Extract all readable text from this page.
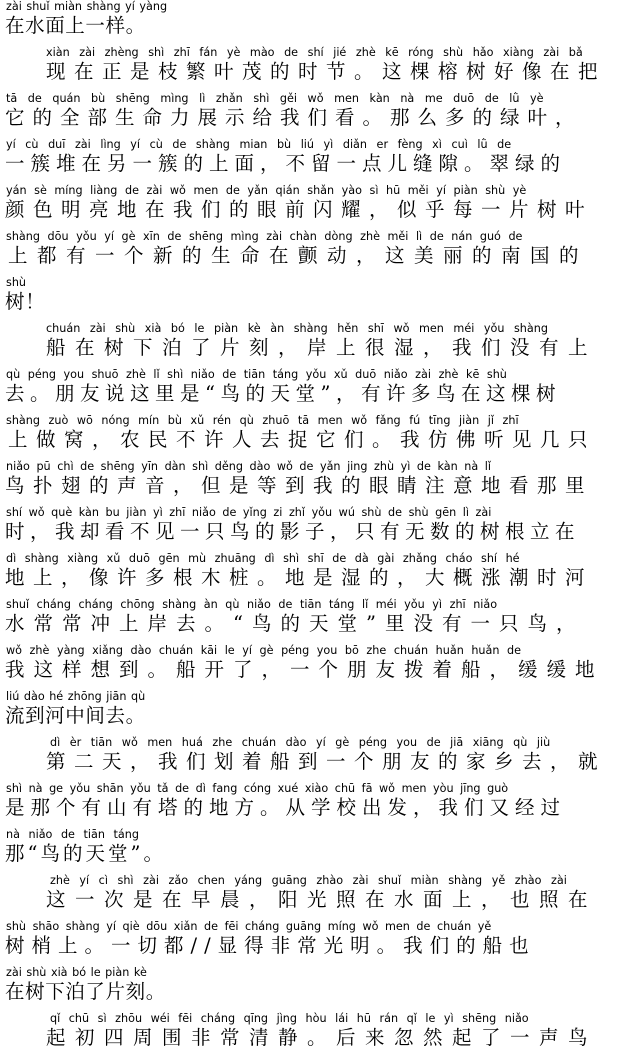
zài shuǐ miàn shàng yí yàng
在水面上一样。
xiàn zài zhèng shì zhī fán yè mào de shí jié zhè kē róng shù hǎo xiàng zài bǎ
现在正是枝繁叶茂的时节。这棵榕树好像在把
tā de quán bù shēng mìng lì zhǎn shì gěi wǒ men kàn nà me duō de lǜ yè
它的全部生命力展示给我们看。那么多的绿叶，
yí cù duī zài lìng yí cù de shàng mian bù liú yì diǎn er fèng xì cuì lǜ de
一簇堆在另一簇的上面，不留一点儿缝隙。翠绿的
yán sè míng liàng de zài wǒ men de yǎn qián shǎn yào sì hū měi yí piàn shù yè
颜色明亮地在我们的眼前闪耀，似乎每一片树叶
shàng dōu yǒu yí gè xīn de shēng mìng zài chàn dòng zhè měi lì de nán guó de
上都有一个新的生命在颤动，这美丽的南国的
shù
树！
chuán zài shù xià bó le piàn kè àn shàng hěn shī wǒ men méi yǒu shàng
船在树下泊了片刻，岸上很湿，我们没有上
qù péng you shuō zhè lǐ shì niǎo de tiān táng yǒu xǔ duō niǎo zài zhè kē shù
去。朋友说这里是“鸟的天堂”，有许多鸟在这棵树
shàng zuò wō nóng mín bù xǔ rén qù zhuō tā men wǒ fǎng fú tīng jiàn jǐ zhī
上做窝，农民不许人去捉它们。我仿佛听见几只
niǎo pū chì de shēng yīn dàn shì děng dào wǒ de yǎn jing zhù yì de kàn nà lǐ
鸟扑翅的声音，但是等到我的眼睛注意地看那里
shí wǒ què kàn bu jiàn yì zhī niǎo de yǐng zi zhǐ yǒu wú shù de shù gēn lì zài
时，我却看不见一只鸟的影子，只有无数的树根立在
dì shàng xiàng xǔ duō gēn mù zhuāng dì shì shī de dà gài zhǎng cháo shí hé
地上，像许多根木桩。地是湿的，大概涨潮时河
shuǐ cháng cháng chōng shàng àn qù niǎo de tiān táng lǐ méi yǒu yì zhī niǎo
水常常冲上岸去。“鸟的天堂”里没有一只鸟，
wǒ zhè yàng xiǎng dào chuán kāi le yí gè péng you bō zhe chuán huǎn huǎn de
我这样想到。船开了，一个朋友拨着船，缓缓地
liú dào hé zhōng jiān qù
流到河中间去。
dì èr tiān wǒ men huá zhe chuán dào yí gè péng you de jiā xiāng qù jiù
第二天，我们划着船到一个朋友的家乡去，就
shì nà ge yǒu shān yǒu tǎ de dì fang cóng xué xiào chū fā wǒ men yòu jīng guò
是那个有山有塔的地方。从学校出发，我们又经过
nà niǎo de tiān táng
那“鸟的天堂”。
zhè yí cì shì zài zǎo chen yáng guāng zhào zài shuǐ miàn shàng yě zhào zài
这一次是在早晨，阳光照在水面上，也照在
shù shāo shàng yí qiè dōu xiǎn de fēi cháng guāng míng wǒ men de chuán yě
树梢上。一切都//显得非常光明。我们的船也
zài shù xià bó le piàn kè
在树下泊了片刻。
qǐ chū sì zhōu wéi fēi cháng qīng jìng hòu lái hū rán qǐ le yì shēng niǎo
起初四周围非常清静。后来忽然起了一声鸟
